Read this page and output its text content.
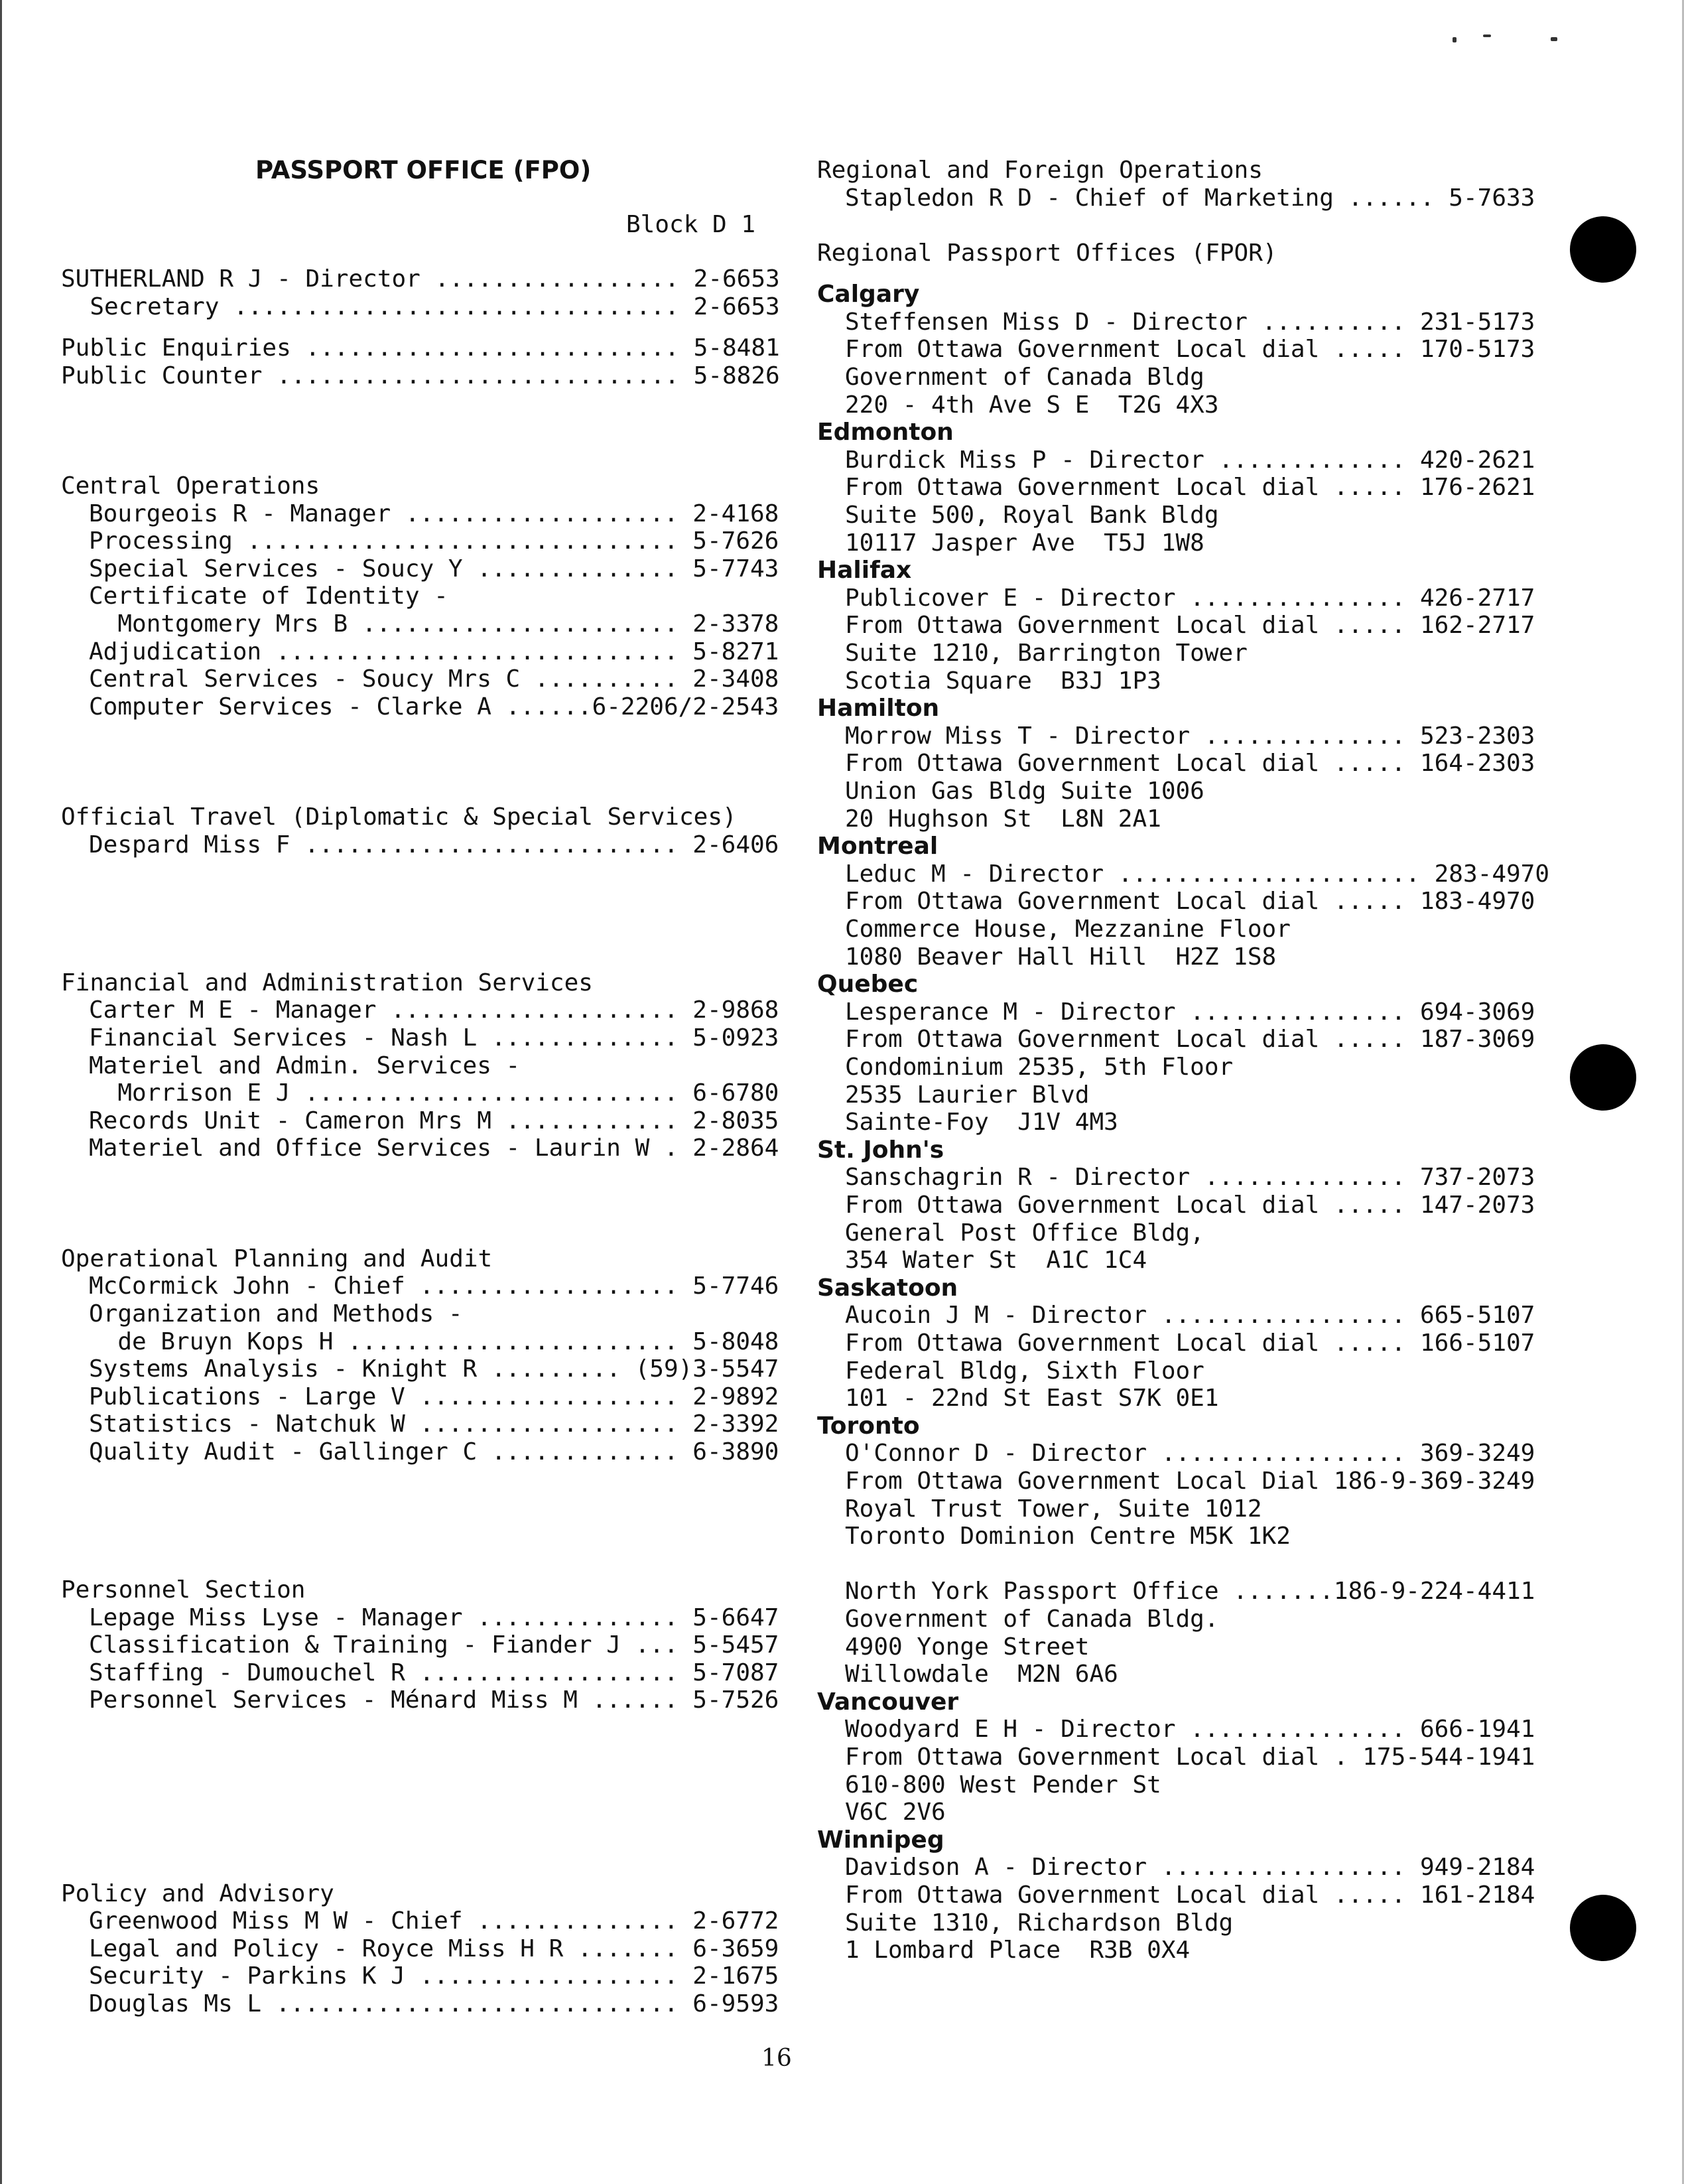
PASSPORT OFFICE (FPO)
Block D 1
SUTHERLAND R J - Director ................. 2-6653
Secretary ............................... 2-6653
Public Enquiries .......................... 5-8481
Public Counter ............................ 5-8826
Central Operations
Bourgeois R - Manager ................... 2-4168
Processing .............................. 5-7626
Special Services - Soucy Y .............. 5-7743
Certificate of Identity -
Montgomery Mrs B ...................... 2-3378
Adjudication ............................ 5-8271
Central Services - Soucy Mrs C .......... 2-3408
Computer Services - Clarke A ......6-2206/2-2543
Official Travel (Diplomatic & Special Services)
Despard Miss F .......................... 2-6406
Financial and Administration Services
Carter M E - Manager .................... 2-9868
Financial Services - Nash L ............. 5-0923
Materiel and Admin. Services -
Morrison E J .......................... 6-6780
Records Unit - Cameron Mrs M ............ 2-8035
Materiel and Office Services - Laurin W . 2-2864
Operational Planning and Audit
McCormick John - Chief .................. 5-7746
Organization and Methods -
de Bruyn Kops H ....................... 5-8048
Systems Analysis - Knight R ......... (59)3-5547
Publications - Large V .................. 2-9892
Statistics - Natchuk W .................. 2-3392
Quality Audit - Gallinger C ............. 6-3890
Personnel Section
Lepage Miss Lyse - Manager .............. 5-6647
Classification & Training - Fiander J ... 5-5457
Staffing - Dumouchel R .................. 5-7087
Personnel Services - Ménard Miss M ...... 5-7526
Policy and Advisory
Greenwood Miss M W - Chief .............. 2-6772
Legal and Policy - Royce Miss H R ....... 6-3659
Security - Parkins K J .................. 2-1675
Douglas Ms L ............................ 6-9593
Regional and Foreign Operations
Stapledon R D - Chief of Marketing ...... 5-7633
Regional Passport Offices (FPOR)
Calgary
Steffensen Miss D - Director .......... 231-5173
From Ottawa Government Local dial ..... 170-5173
Government of Canada Bldg
220 - 4th Ave S E  T2G 4X3
Edmonton
Burdick Miss P - Director ............. 420-2621
From Ottawa Government Local dial ..... 176-2621
Suite 500, Royal Bank Bldg
10117 Jasper Ave  T5J 1W8
Halifax
Publicover E - Director ............... 426-2717
From Ottawa Government Local dial ..... 162-2717
Suite 1210, Barrington Tower
Scotia Square  B3J 1P3
Hamilton
Morrow Miss T - Director .............. 523-2303
From Ottawa Government Local dial ..... 164-2303
Union Gas Bldg Suite 1006
20 Hughson St  L8N 2A1
Montreal
Leduc M - Director ..................... 283-4970
From Ottawa Government Local dial ..... 183-4970
Commerce House, Mezzanine Floor
1080 Beaver Hall Hill  H2Z 1S8
Quebec
Lesperance M - Director ............... 694-3069
From Ottawa Government Local dial ..... 187-3069
Condominium 2535, 5th Floor
2535 Laurier Blvd
Sainte-Foy  J1V 4M3
St. John's
Sanschagrin R - Director .............. 737-2073
From Ottawa Government Local dial ..... 147-2073
General Post Office Bldg,
354 Water St  A1C 1C4
Saskatoon
Aucoin J M - Director ................. 665-5107
From Ottawa Government Local dial ..... 166-5107
Federal Bldg, Sixth Floor
101 - 22nd St East S7K 0E1
Toronto
O'Connor D - Director ................. 369-3249
From Ottawa Government Local Dial 186-9-369-3249
Royal Trust Tower, Suite 1012
Toronto Dominion Centre M5K 1K2
North York Passport Office .......186-9-224-4411
Government of Canada Bldg.
4900 Yonge Street
Willowdale  M2N 6A6
Vancouver
Woodyard E H - Director ............... 666-1941
From Ottawa Government Local dial . 175-544-1941
610-800 West Pender St
V6C 2V6
Winnipeg
Davidson A - Director ................. 949-2184
From Ottawa Government Local dial ..... 161-2184
Suite 1310, Richardson Bldg
1 Lombard Place  R3B 0X4
16
